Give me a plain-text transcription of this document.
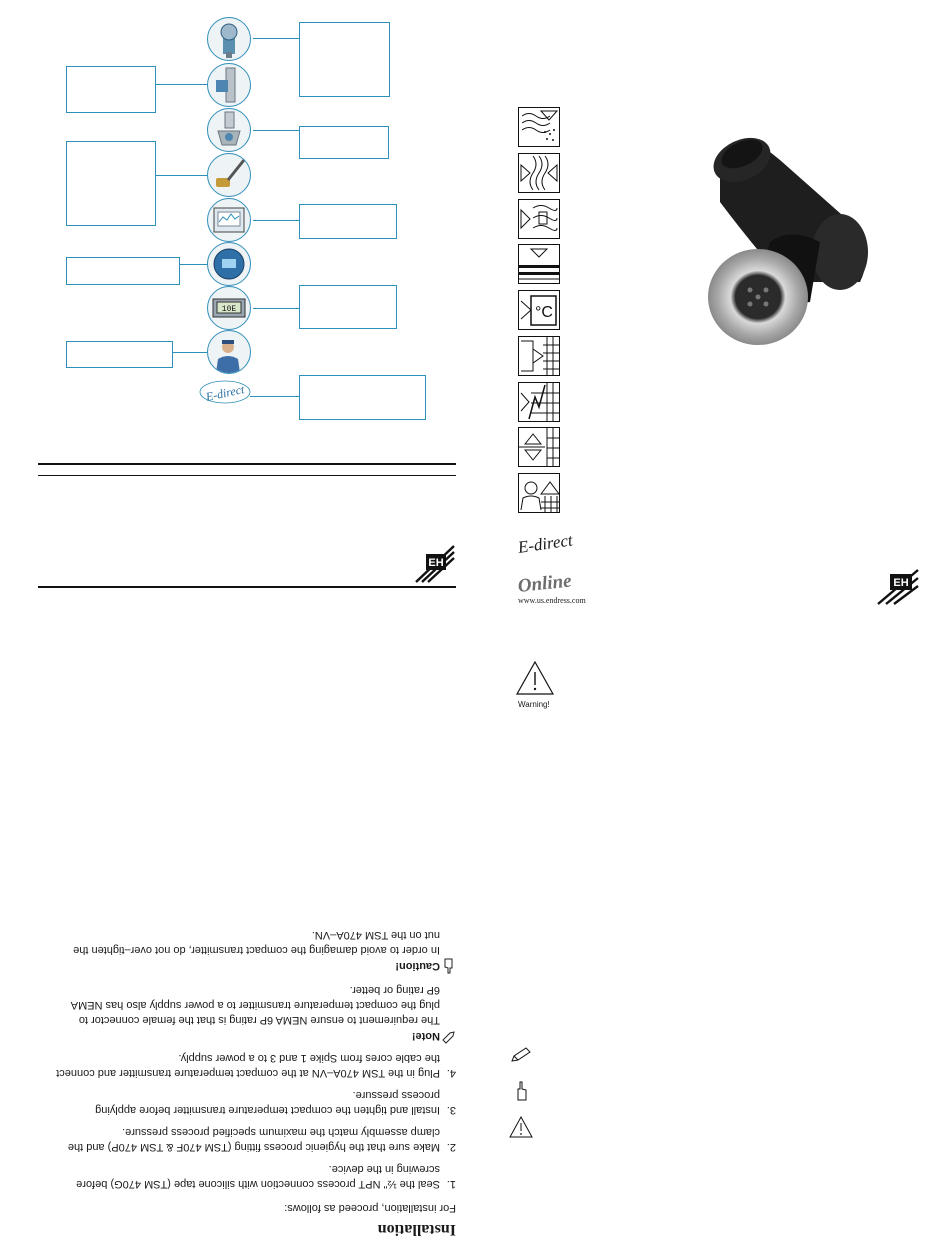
10E
E-direct
EH
Installation
For installation, proceed as follows:
1.
Seal the ½" NPT process connection with silicone tape (TSM 470G) before
screwing in the device.
2.
Make sure that the hygienic process fitting (TSM 470F & TSM 470P) and the
clamp assembly match the maximum specified process pressure.
3.
Install and tighten the compact temperature transmitter before applying
process pressure.
4.
Plug in the TSM 470A–VN at the compact temperature transmitter and connect
the cable cores from Spike 1 and 3 to a power supply.
Note!
The requirement to ensure NEMA 6P rating is that the female connector to
plug the compact temperature transmitter to a power supply also has NEMA
6P rating or better.
Caution!
In order to avoid damaging the compact transmitter, do not over–tighten the
nut on the TSM 470A–VN.
°C
E-direct
Online
www.us.endress.com
EH
Warning!
